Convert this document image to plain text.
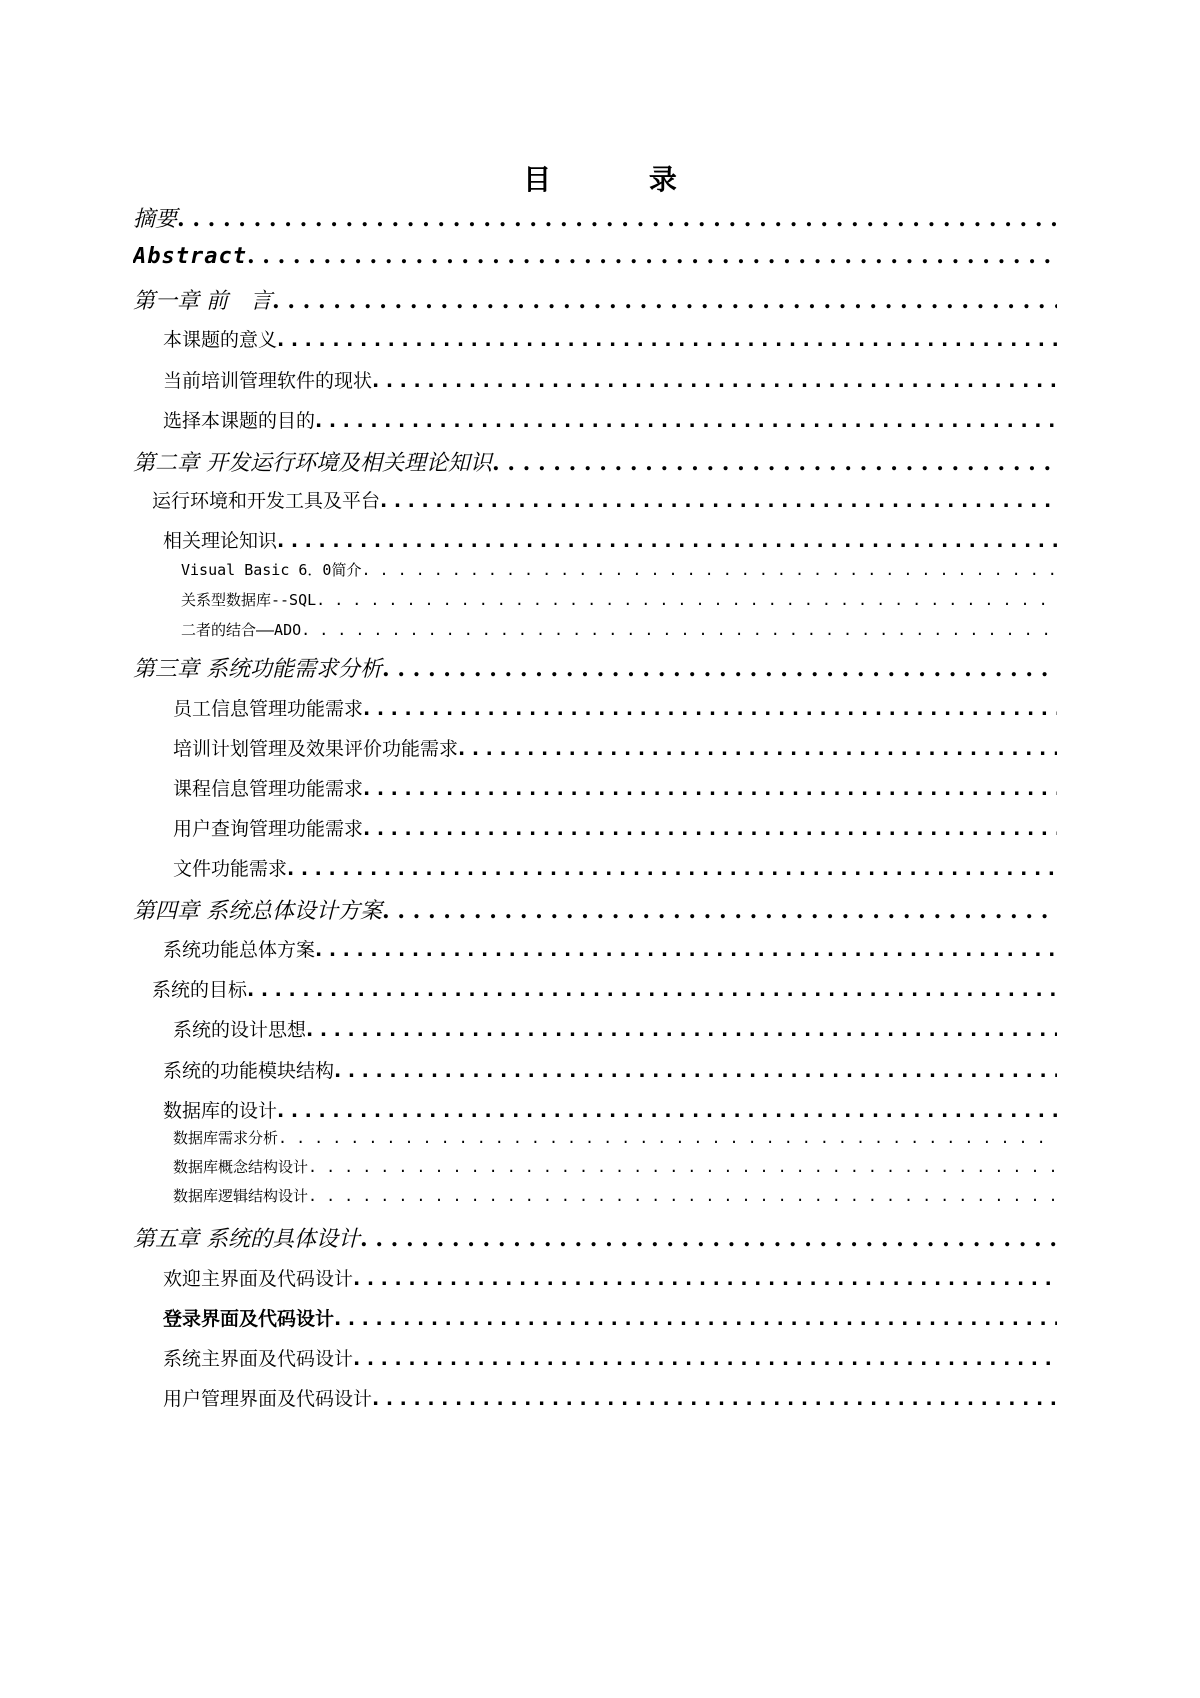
目 录
摘要
. . .
Abstract
. . .
第一章 前　言
. . .
本课题的意义
. . .
当前培训管理软件的现状
. . .
选择本课题的目的
. . .
第二章 开发运行环境及相关理论知识
. . .
运行环境和开发工具及平台
. . .
相关理论知识
. . .
Visual Basic 6．0简介
. . .
关系型数据库--SQL
. . .
二者的结合——ADO
. . .
第三章 系统功能需求分析
. . .
员工信息管理功能需求
. . .
培训计划管理及效果评价功能需求
. . .
课程信息管理功能需求
. . .
用户查询管理功能需求
. . .
文件功能需求
. . .
第四章 系统总体设计方案
. . .
系统功能总体方案
. . .
系统的目标
. . .
系统的设计思想
. . .
系统的功能模块结构
. . .
数据库的设计
. . .
数据库需求分析
. . .
数据库概念结构设计
. . .
数据库逻辑结构设计
. . .
第五章 系统的具体设计
. . .
欢迎主界面及代码设计
. . .
登录界面及代码设计
. . .
系统主界面及代码设计
. . .
用户管理界面及代码设计
. . .
